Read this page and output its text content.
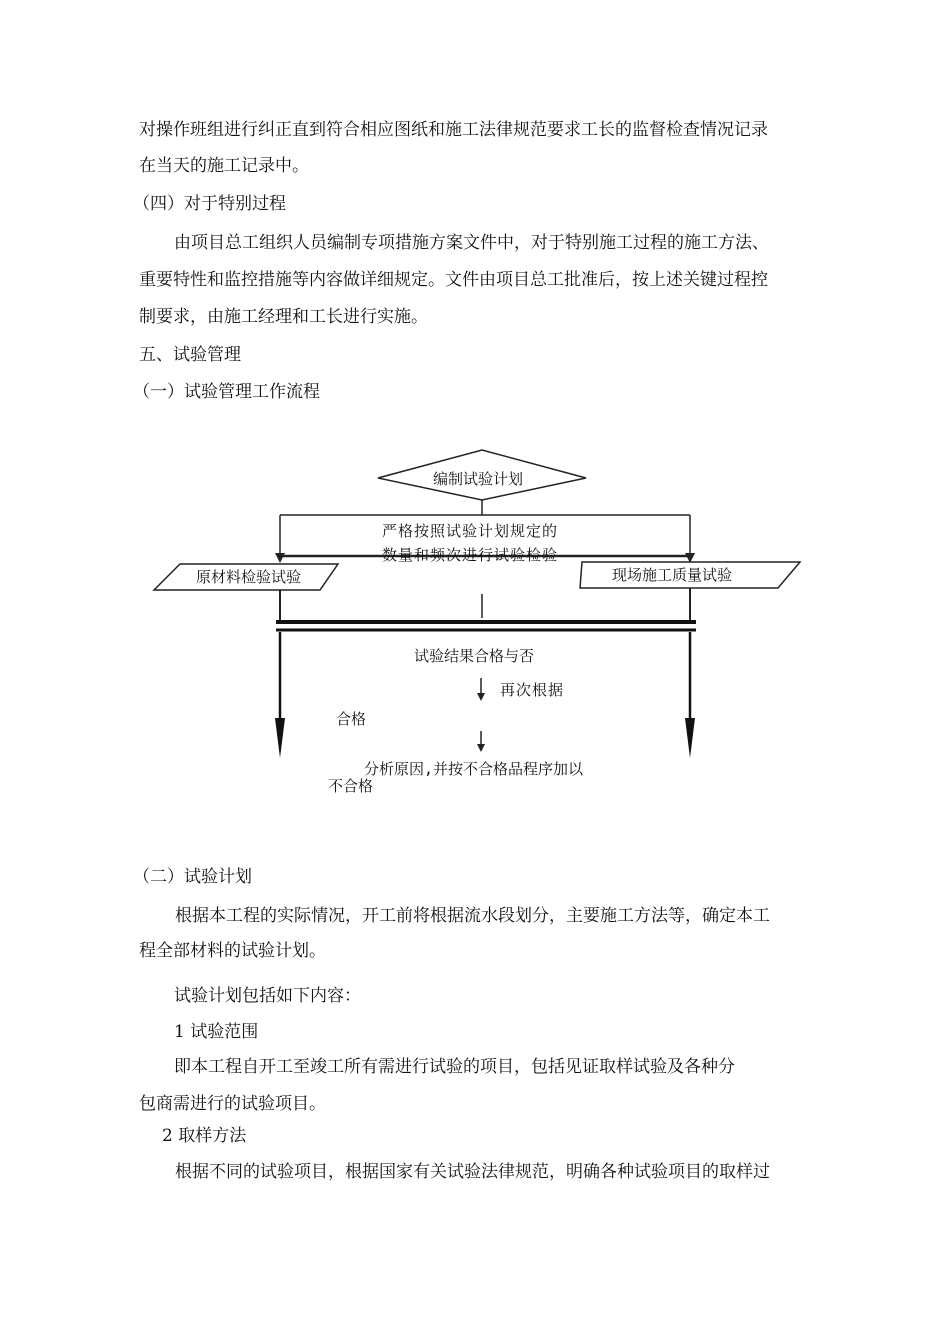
对操作班组进行纠正直到符合相应图纸和施工法律规范要求工长的监督检查情况记录
在当天的施工记录中。
（四）对于特别过程
由项目总工组织人员编制专项措施方案文件中，对于特别施工过程的施工方法、
重要特性和监控措施等内容做详细规定。文件由项目总工批准后，按上述关键过程控
制要求，由施工经理和工长进行实施。
五、试验管理
（一）试验管理工作流程
编制试验计划
严格按照试验计划规定的
数量和频次进行试验检验
原材料检验试验	现场施工质量试验
试验结果合格与否
再次根据
合格
分析原因,并按不合格品程序加以
不合格
（二）试验计划
根据本工程的实际情况，开工前将根据流水段划分，主要施工方法等，确定本工
程全部材料的试验计划。
试验计划包括如下内容：
1 试验范围
即本工程自开工至竣工所有需进行试验的项目，包括见证取样试验及各种分
包商需进行的试验项目。
2 取样方法
根据不同的试验项目，根据国家有关试验法律规范，明确各种试验项目的取样过
